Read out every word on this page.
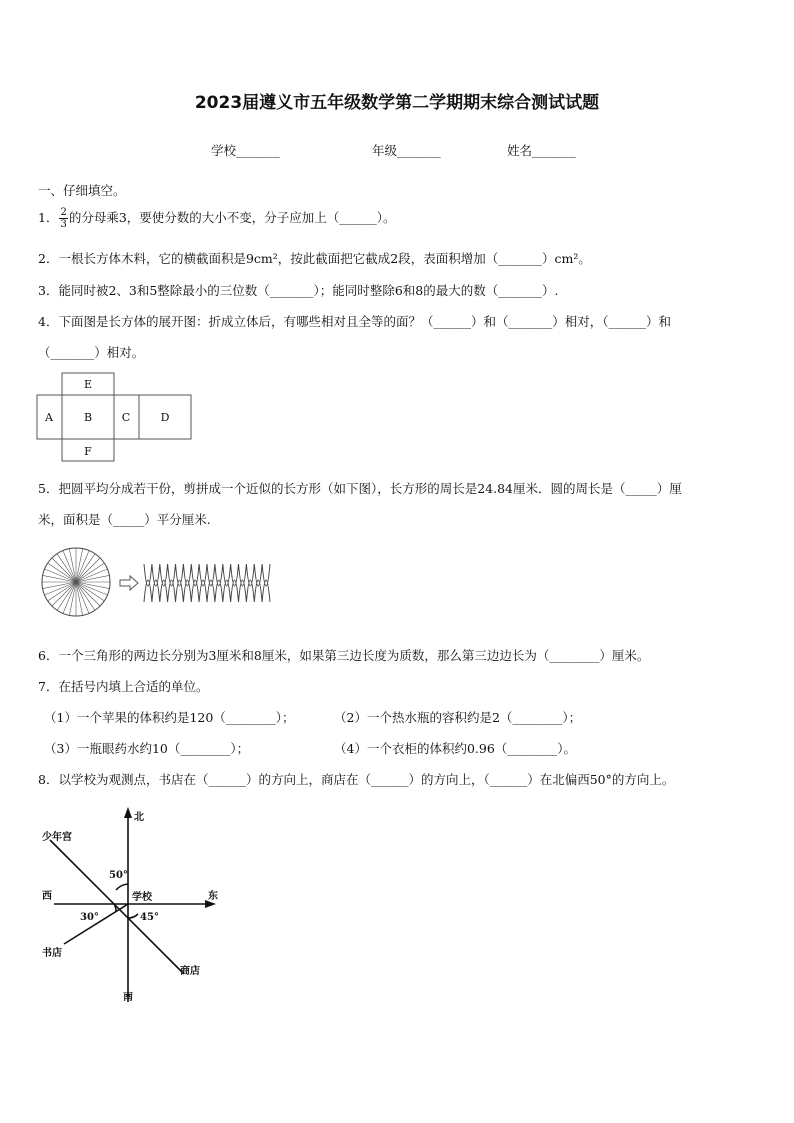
2023届遵义市五年级数学第二学期期末综合测试试题
学校_______	年级_______	姓名_______
一、仔细填空。
1． $\frac{2}{3}$ 的分母乘3，要使分数的大小不变，分子应加上（______）。
2．一根长方体木料，它的横截面积是9cm²，按此截面把它截成2段，表面积增加（_______）cm²。
3．能同时被2、3和5整除最小的三位数（_______）；能同时整除6和8的最大的数（_______）.
4．下面图是长方体的展开图：折成立体后，有哪些相对且全等的面？（______）和（_______）相对，（______）和
（_______）相对。
E
A	B	C	D
F
5．把圆平均分成若干份，剪拼成一个近似的长方形（如下图），长方形的周长是24.84厘米．圆的周长是（_____）厘
米，面积是（_____）平分厘米.
6．一个三角形的两边长分别为3厘米和8厘米，如果第三边长度为质数，那么第三边边长为（________）厘米。
7．在括号内填上合适的单位。
（1）一个苹果的体积约是120（________）；	（2）一个热水瓶的容积约是2（________）；
（3）一瓶眼药水约10（________）；	（4）一个衣柜的体积约0.96（________）。
8．以学校为观测点，书店在（______）的方向上，商店在（______）的方向上，（______）在北偏西50°的方向上。
北
南
东
西
少年宫
学校
书店
商店
50°
30°	45°
